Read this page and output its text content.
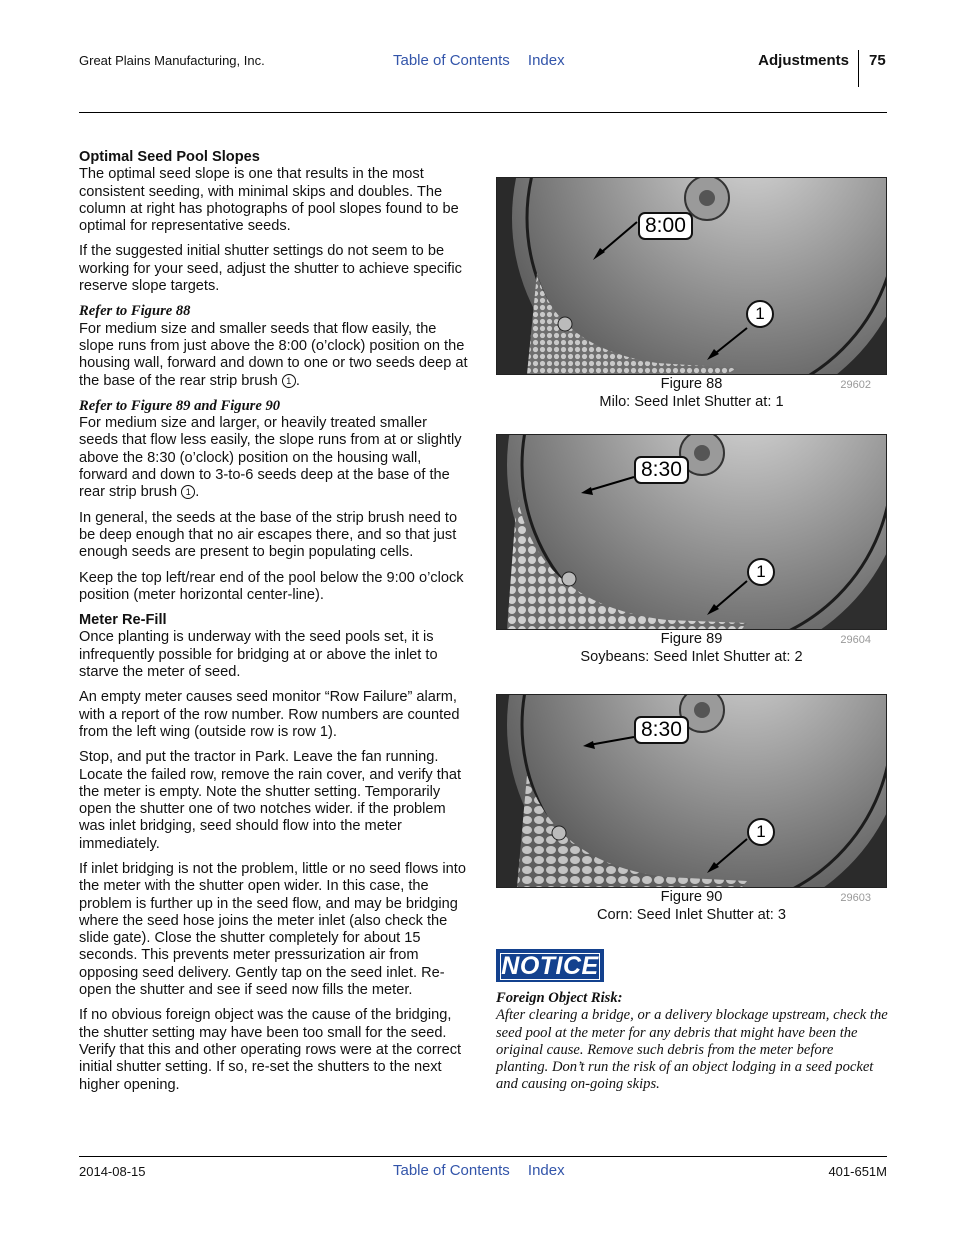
Great Plains Manufacturing, Inc.	Table of Contents Index	Adjustments 75
Optimal Seed Pool Slopes

The optimal seed slope is one that results in the most consistent seeding, with minimal skips and doubles. The column at right has photographs of pool slopes found to be optimal for representative seeds.

If the suggested initial shutter settings do not seem to be working for your seed, adjust the shutter to achieve specific reserve slope targets.

Refer to Figure 88

For medium size and smaller seeds that flow easily, the slope runs from just above the 8:00 (o’clock) position on the housing wall, forward and down to one or two seeds deep at the base of the rear strip brush 1 .

Refer to Figure 89 and Figure 90

For medium size and larger, or heavily treated smaller seeds that flow less easily, the slope runs from at or slightly above the 8:30 (o’clock) position on the housing wall, forward and down to 3-to-6 seeds deep at the base of the rear strip brush 1 .

In general, the seeds at the base of the strip brush need to be deep enough that no air escapes there, and so that just enough seeds are present to begin populating cells.

Keep the top left/rear end of the pool below the 9:00 o’clock position (meter horizontal center-line).

Meter Re-Fill

Once planting is underway with the seed pools set, it is infrequently possible for bridging at or above the inlet to starve the meter of seed.

An empty meter causes seed monitor “Row Failure” alarm, with a report of the row number. Row numbers are counted from the left wing (outside row is row 1).

Stop, and put the tractor in Park. Leave the fan running. Locate the failed row, remove the rain cover, and verify that the meter is empty. Note the shutter setting. Temporarily open the shutter one of two notches wider. if the problem was inlet bridging, seed should flow into the meter immediately.

If inlet bridging is not the problem, little or no seed flows into the meter with the shutter open wider. In this case, the problem is further up in the seed flow, and may be bridging where the seed hose joins the meter inlet (also check the slide gate). Close the shutter completely for about 15 seconds. This prevents meter pressurization air from opposing seed delivery. Gently tap on the seed inlet. Re-open the shutter and see if seed now fills the meter.

If no obvious foreign object was the cause of the bridging, the shutter setting may have been too small for the seed. Verify that this and other operating rows were at the correct initial shutter setting. If so, re-set the shutters to the next higher opening.

8:00
1
Figure 88
Milo: Seed Inlet Shutter at: 1
29602
8:30
1
Figure 89
Soybeans: Seed Inlet Shutter at: 2
29604
8:30
1
Figure 90
Corn: Seed Inlet Shutter at: 3
29603
NOTICE
Foreign Object Risk:
After clearing a bridge, or a delivery blockage upstream, check the seed pool at the meter for any debris that might have been the original cause. Remove such debris from the meter before planting. Don’t run the risk of an object lodging in a seed pocket and causing on-going skips.
2014-08-15	Table of Contents Index	401-651M
